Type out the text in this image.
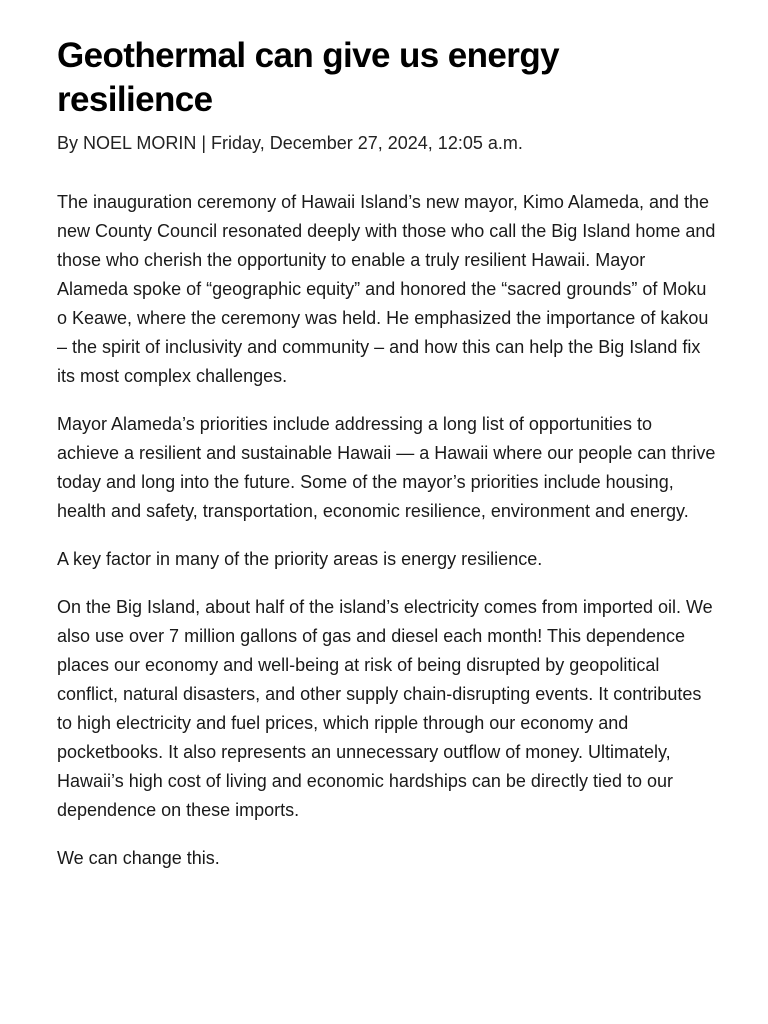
Geothermal can give us energy resilience

By NOEL MORIN | Friday, December 27, 2024, 12:05 a.m.

The inauguration ceremony of Hawaii Island’s new mayor, Kimo Alameda, and the new County Council resonated deeply with those who call the Big Island home and those who cherish the opportunity to enable a truly resilient Hawaii. Mayor Alameda spoke of “geographic equity” and honored the “sacred grounds” of Moku o Keawe, where the ceremony was held. He emphasized the importance of kakou – the spirit of inclusivity and community – and how this can help the Big Island fix its most complex challenges.

Mayor Alameda’s priorities include addressing a long list of opportunities to achieve a resilient and sustainable Hawaii — a Hawaii where our people can thrive today and long into the future. Some of the mayor’s priorities include housing, health and safety, transportation, economic resilience, environment and energy.

A key factor in many of the priority areas is energy resilience.

On the Big Island, about half of the island’s electricity comes from imported oil. We also use over 7 million gallons of gas and diesel each month! This dependence places our economy and well-being at risk of being disrupted by geopolitical conflict, natural disasters, and other supply chain-disrupting events. It contributes to high electricity and fuel prices, which ripple through our economy and pocketbooks. It also represents an unnecessary outflow of money. Ultimately, Hawaii’s high cost of living and economic hardships can be directly tied to our dependence on these imports.

We can change this.
